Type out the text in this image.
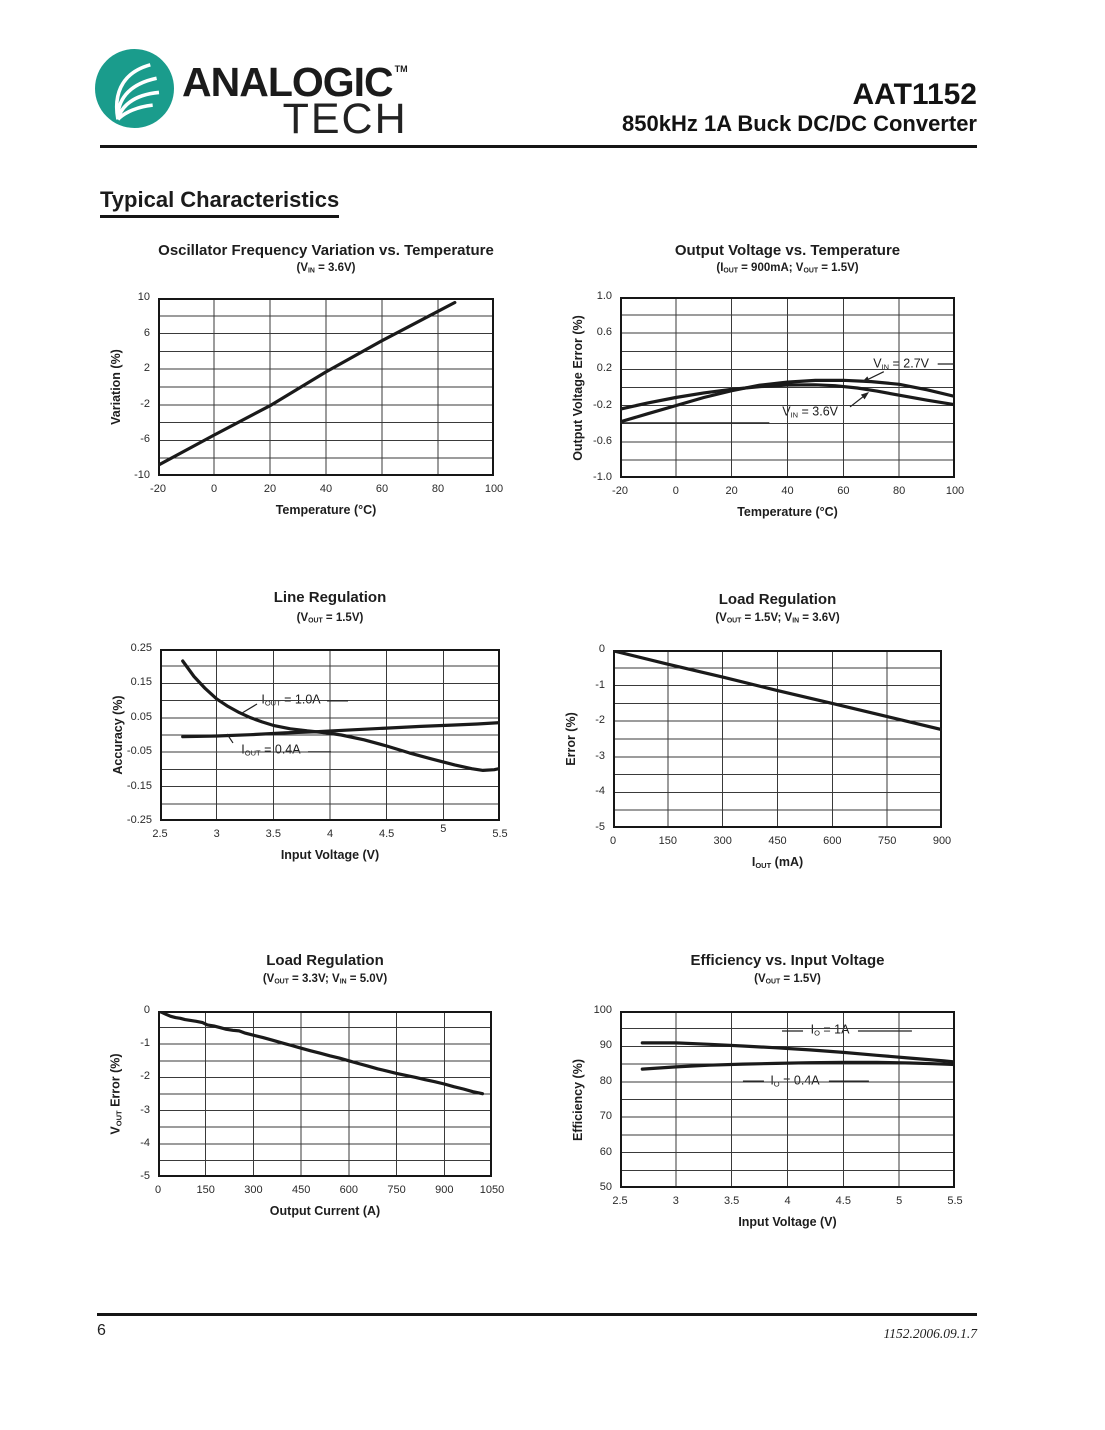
ANALOGIC ™
TECH
AAT1152
850kHz 1A Buck DC/DC Converter
Typical Characteristics
Oscillator Frequency Variation vs. Temperature
$(V_{IN} = 3.6V)$
-20	0	20	40	60	80	100
10
6
2
-2
-6
-10
Temperature (°C)
Variation (%)
Output Voltage vs. Temperature
($I_{OUT} = 900mA$; $V_{OUT} = 1.5V$)
$V_{IN} = 2.7V$
$V_{IN} = 3.6V$
-20	0	20	40	60	80	100
1.0
0.6
0.2
-0.2
-0.6
-1.0
Temperature (°C)
Output Voltage Error (%)
Line Regulation
$(V_{OUT} = 1.5V)$
$I_{OUT} = 1.0A$
$I_{OUT} = 0.4A$
2.5	3	3.5	4	4.5	5	5.5
0.25
0.15
0.05
-0.05
-0.15
-0.25
Input Voltage (V)
Accuracy (%)
Load Regulation
($V_{OUT} = 1.5V$; $V_{IN} = 3.6V$)
0	150	300	450	600	750	900
0
-1
-2
-3
-4
-5
$I_{OUT}$ (mA)
Error (%)
Load Regulation
($V_{OUT} = 3.3V$; $V_{IN} = 5.0V$)
0	150	300	450	600	750	900 1050
0
-1
-2
-3
-4
-5
Output Current (A)
$V_{OUT}$ Error (%)
Efficiency vs. Input Voltage
$(V_{OUT} = 1.5V)$
$I_O = 1A$
$I_O = 0.4A$
2.5	3	3.5	4	4.5	5	5.5
100
90
80
70
60
50
Input Voltage (V)
Efficiency (%)
6	1152.2006.09.1.7
